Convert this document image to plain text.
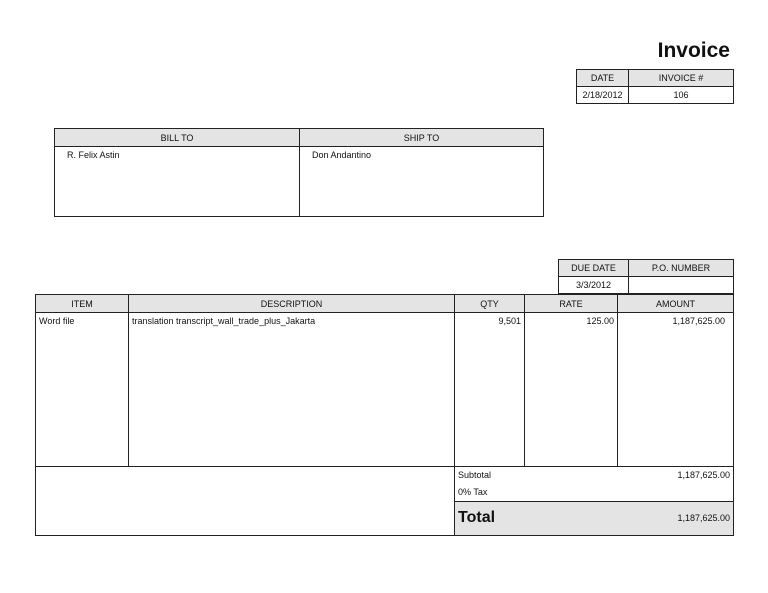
Invoice
DATE	INVOICE #
2/18/2012	106
BILL TO	SHIP TO
R. Felix Astin	Don Andantino
DUE DATE	P.O. NUMBER
3/3/2012	
ITEM	DESCRIPTION	QTY	RATE	AMOUNT
Word file	translation transcript_wall_trade_plus_Jakarta	9,501	125.00	1,187,625.00
Subtotal	1,187,625.00
0% Tax
Total	1,187,625.00
